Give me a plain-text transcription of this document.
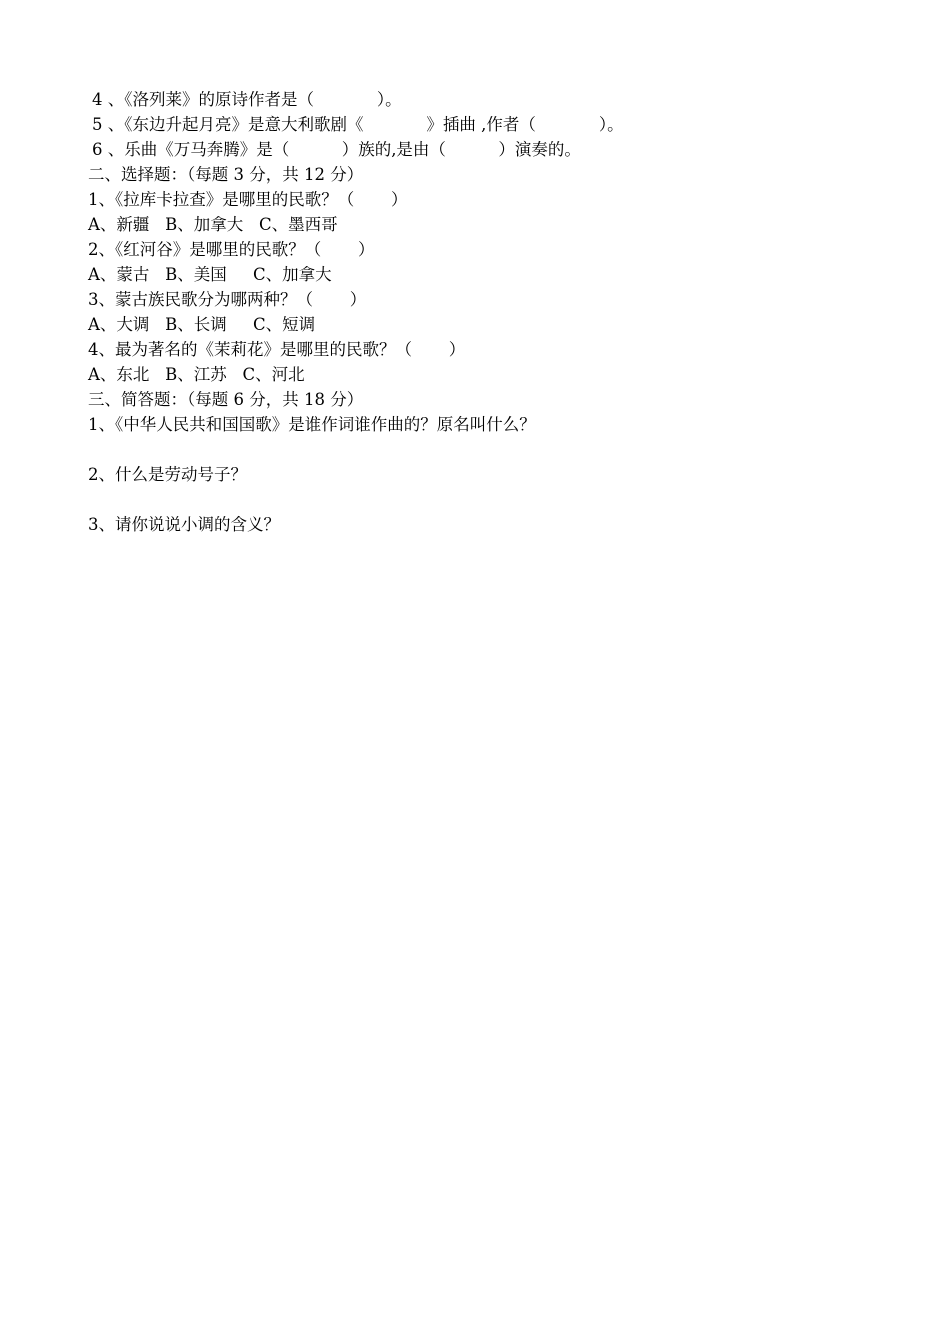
4 、《洛列莱》的原诗作者是（            ）。
5 、《东边升起月亮》是意大利歌剧《            》插曲 ,作者（            ）。
6 、乐曲《万马奔腾》是（          ）族的,是由（          ）演奏的。
二、选择题：（每题 3 分，共 12 分）
1、《拉库卡拉查》是哪里的民歌？（       ）
A、新疆   B、加拿大   C、墨西哥
2、《红河谷》是哪里的民歌？（       ）
A、蒙古   B、美国     C、加拿大
3、蒙古族民歌分为哪两种？（       ）
A、大调   B、长调     C、短调
4、最为著名的《茉莉花》是哪里的民歌？（       ）
A、东北   B、江苏   C、河北
三、简答题：（每题 6 分，共 18 分）
1、《中华人民共和国国歌》是谁作词谁作曲的？原名叫什么？
2、什么是劳动号子？
3、请你说说小调的含义？
